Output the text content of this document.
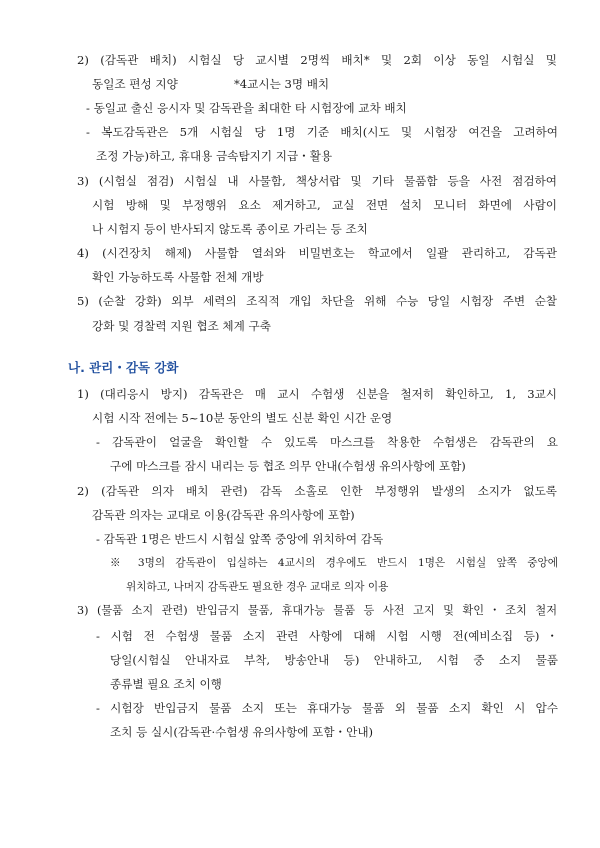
2) (감독관 배치) 시험실 당 교시별 2명씩 배치* 및 2회 이상 동일 시험실 및
동일조 편성 지양	*4교시는 3명 배치
- 동일교 출신 응시자 및 감독관을 최대한 타 시험장에 교차 배치
- 복도감독관은 5개 시험실 당 1명 기준 배치(시도 및 시험장 여건을 고려하여
조정 가능)하고, 휴대용 금속탐지기 지급・활용
3) (시험실 점검) 시험실 내 사물함, 책상서랍 및 기타 물품함 등을 사전 점검하여
시험 방해 및 부정행위 요소 제거하고, 교실 전면 설치 모니터 화면에 사람이
나 시험지 등이 반사되지 않도록 종이로 가리는 등 조치
4) (시건장치 해제) 사물함 열쇠와 비밀번호는 학교에서 일괄 관리하고, 감독관
확인 가능하도록 사물함 전체 개방
5) (순찰 강화) 외부 세력의 조직적 개입 차단을 위해 수능 당일 시험장 주변 순찰
강화 및 경찰력 지원 협조 체계 구축
나. 관리・감독 강화
1) (대리응시 방지) 감독관은 매 교시 수험생 신분을 철저히 확인하고, 1, 3교시
시험 시작 전에는 5~10분 동안의 별도 신분 확인 시간 운영
- 감독관이 얼굴을 확인할 수 있도록 마스크를 착용한 수험생은 감독관의 요
구에 마스크를 잠시 내리는 등 협조 의무 안내(수험생 유의사항에 포함)
2) (감독관 의자 배치 관련) 감독 소홀로 인한 부정행위 발생의 소지가 없도록
감독관 의자는 교대로 이용(감독관 유의사항에 포함)
- 감독관 1명은 반드시 시험실 앞쪽 중앙에 위치하여 감독
※ 3명의 감독관이 입실하는 4교시의 경우에도 반드시 1명은 시험실 앞쪽 중앙에
위치하고, 나머지 감독관도 필요한 경우 교대로 의자 이용
3) (물품 소지 관련) 반입금지 물품, 휴대가능 물품 등 사전 고지 및 확인・조치 철저
- 시험 전 수험생 물품 소지 관련 사항에 대해 시험 시행 전(예비소집 등)・
당일(시험실 안내자료 부착, 방송안내 등) 안내하고, 시험 중 소지 물품
종류별 필요 조치 이행
- 시험장 반입금지 물품 소지 또는 휴대가능 물품 외 물품 소지 확인 시 압수
조치 등 실시(감독관·수험생 유의사항에 포함・안내)
